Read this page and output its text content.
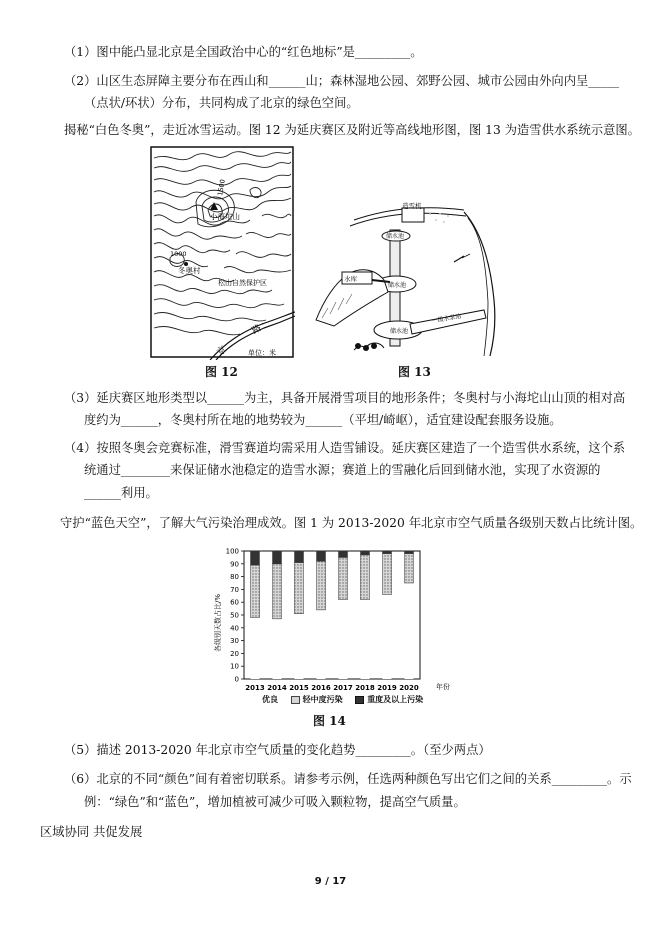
（1）图中能凸显北京是全国政治中心的“红色地标”是_________。
（2）山区生态屏障主要分布在西山和______山；森林湿地公园、郊野公园、城市公园由外向内呈_____
（点状/环状）分布，共同构成了北京的绿色空间。
揭秘“白色冬奥”，走近冰雪运动。图 12 为延庆赛区及附近等高线地形图，图 13 为造雪供水系统示意图。
1500
小海坨山
1000
冬奥村
松山自然保护区
路
京	单位：米
造雪机
储水池
储水池
储水池
水库
一级水泵站
图 12	图 13
（3）延庆赛区地形类型以______为主，具备开展滑雪项目的地形条件；冬奥村与小海坨山山顶的相对高
度约为______，冬奥村所在地的地势较为______（平坦/崎岖），适宜建设配套服务设施。
（4）按照冬奥会竞赛标准，滑雪赛道均需采用人造雪铺设。延庆赛区建造了一个造雪供水系统，这个系
统通过________来保证储水池稳定的造雪水源；赛道上的雪融化后回到储水池，实现了水资源的
______利用。
守护“蓝色天空”，了解大气污染治理成效。图 1 为 2013-2020 年北京市空气质量各级别天数占比统计图。
各级别天数占比/%
0
10
20
30
40
50
60
70
80
90
100
2013 2014 2015 2016 2017 2018 2019 2020 年份
优良	轻中度污染	重度及以上污染
图 14
（5）描述 2013-2020 年北京市空气质量的变化趋势_________。（至少两点）
（6）北京的不同“颜色”间有着密切联系。请参考示例，任选两种颜色写出它们之间的关系_________。示
例：“绿色”和“蓝色”，增加植被可减少可吸入颗粒物，提高空气质量。
区域协同 共促发展
9 / 17
